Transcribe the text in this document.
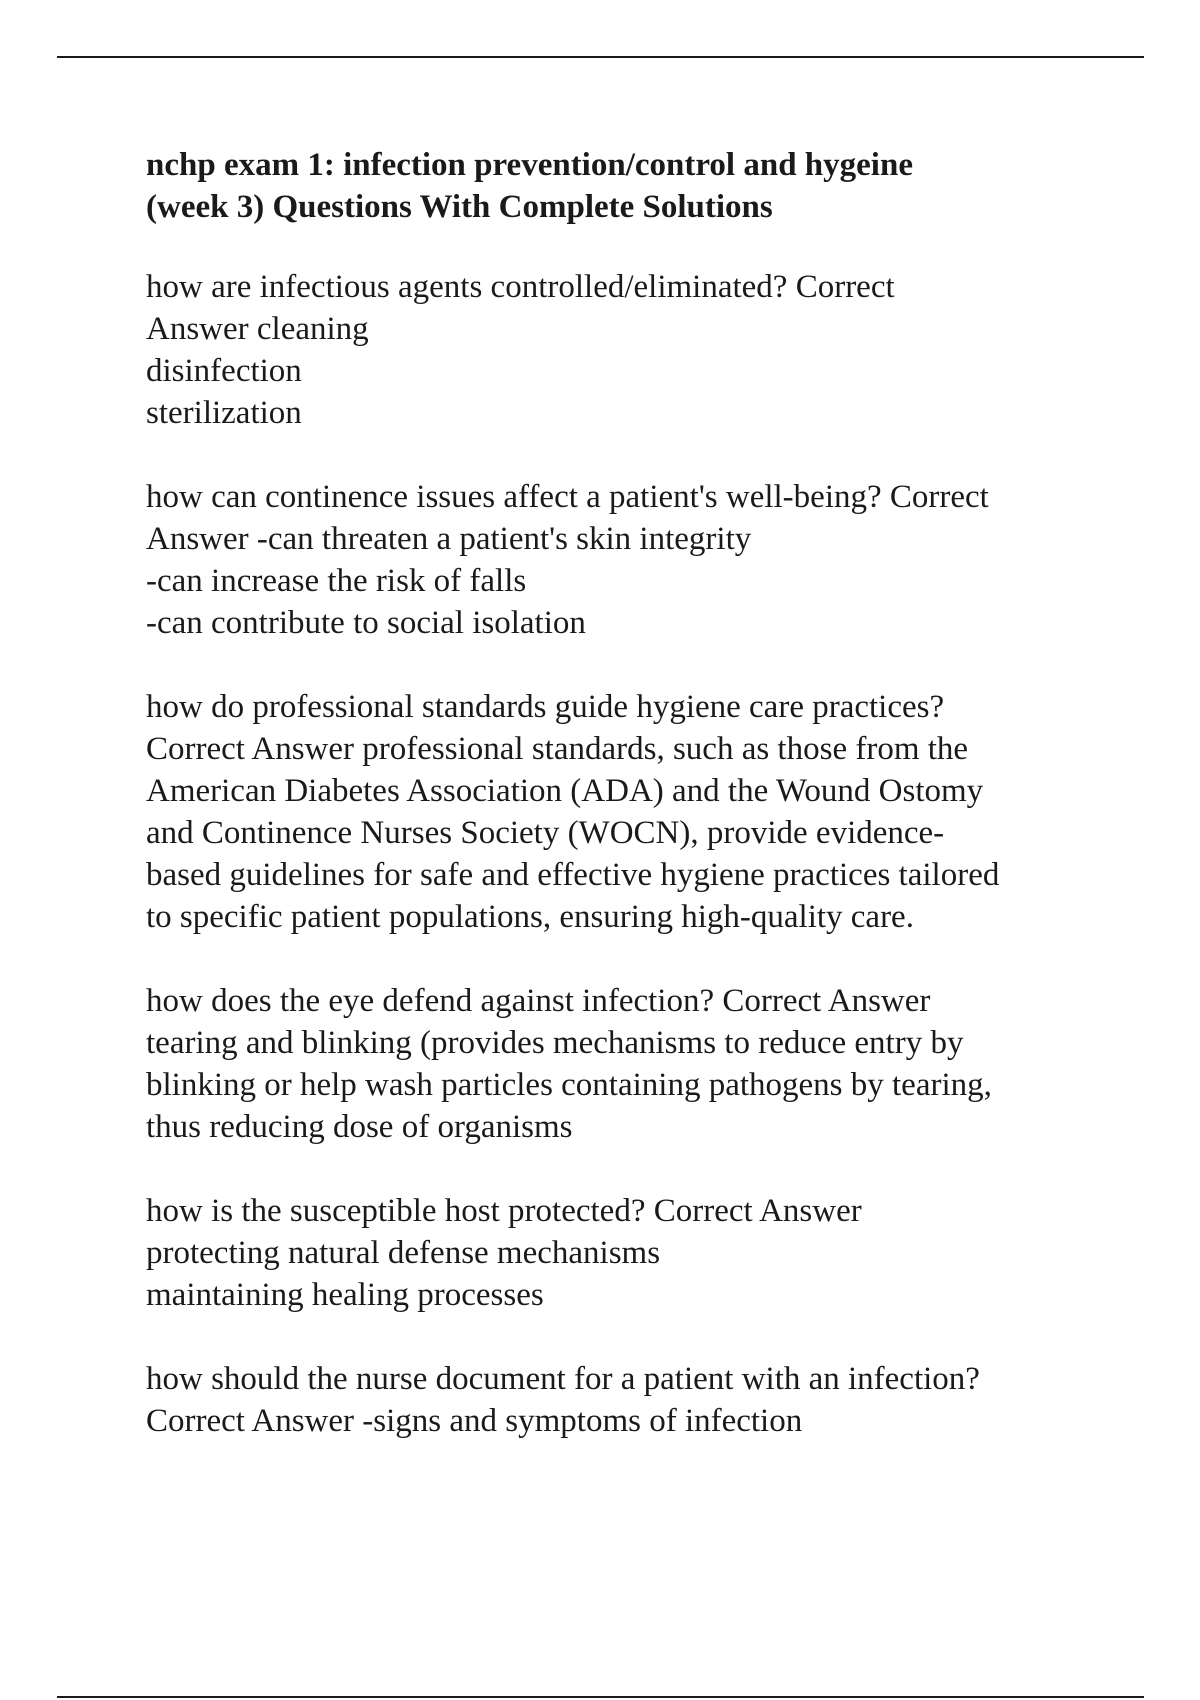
nchp exam 1: infection prevention/control and hygeine
(week 3) Questions With Complete Solutions

how are infectious agents controlled/eliminated? Correct
Answer cleaning
disinfection
sterilization

how can continence issues affect a patient's well-being? Correct
Answer -can threaten a patient's skin integrity
-can increase the risk of falls
-can contribute to social isolation

how do professional standards guide hygiene care practices?
Correct Answer professional standards, such as those from the
American Diabetes Association (ADA) and the Wound Ostomy
and Continence Nurses Society (WOCN), provide evidence-
based guidelines for safe and effective hygiene practices tailored
to specific patient populations, ensuring high-quality care.

how does the eye defend against infection? Correct Answer
tearing and blinking (provides mechanisms to reduce entry by
blinking or help wash particles containing pathogens by tearing,
thus reducing dose of organisms

how is the susceptible host protected? Correct Answer
protecting natural defense mechanisms
maintaining healing processes

how should the nurse document for a patient with an infection?
Correct Answer -signs and symptoms of infection
